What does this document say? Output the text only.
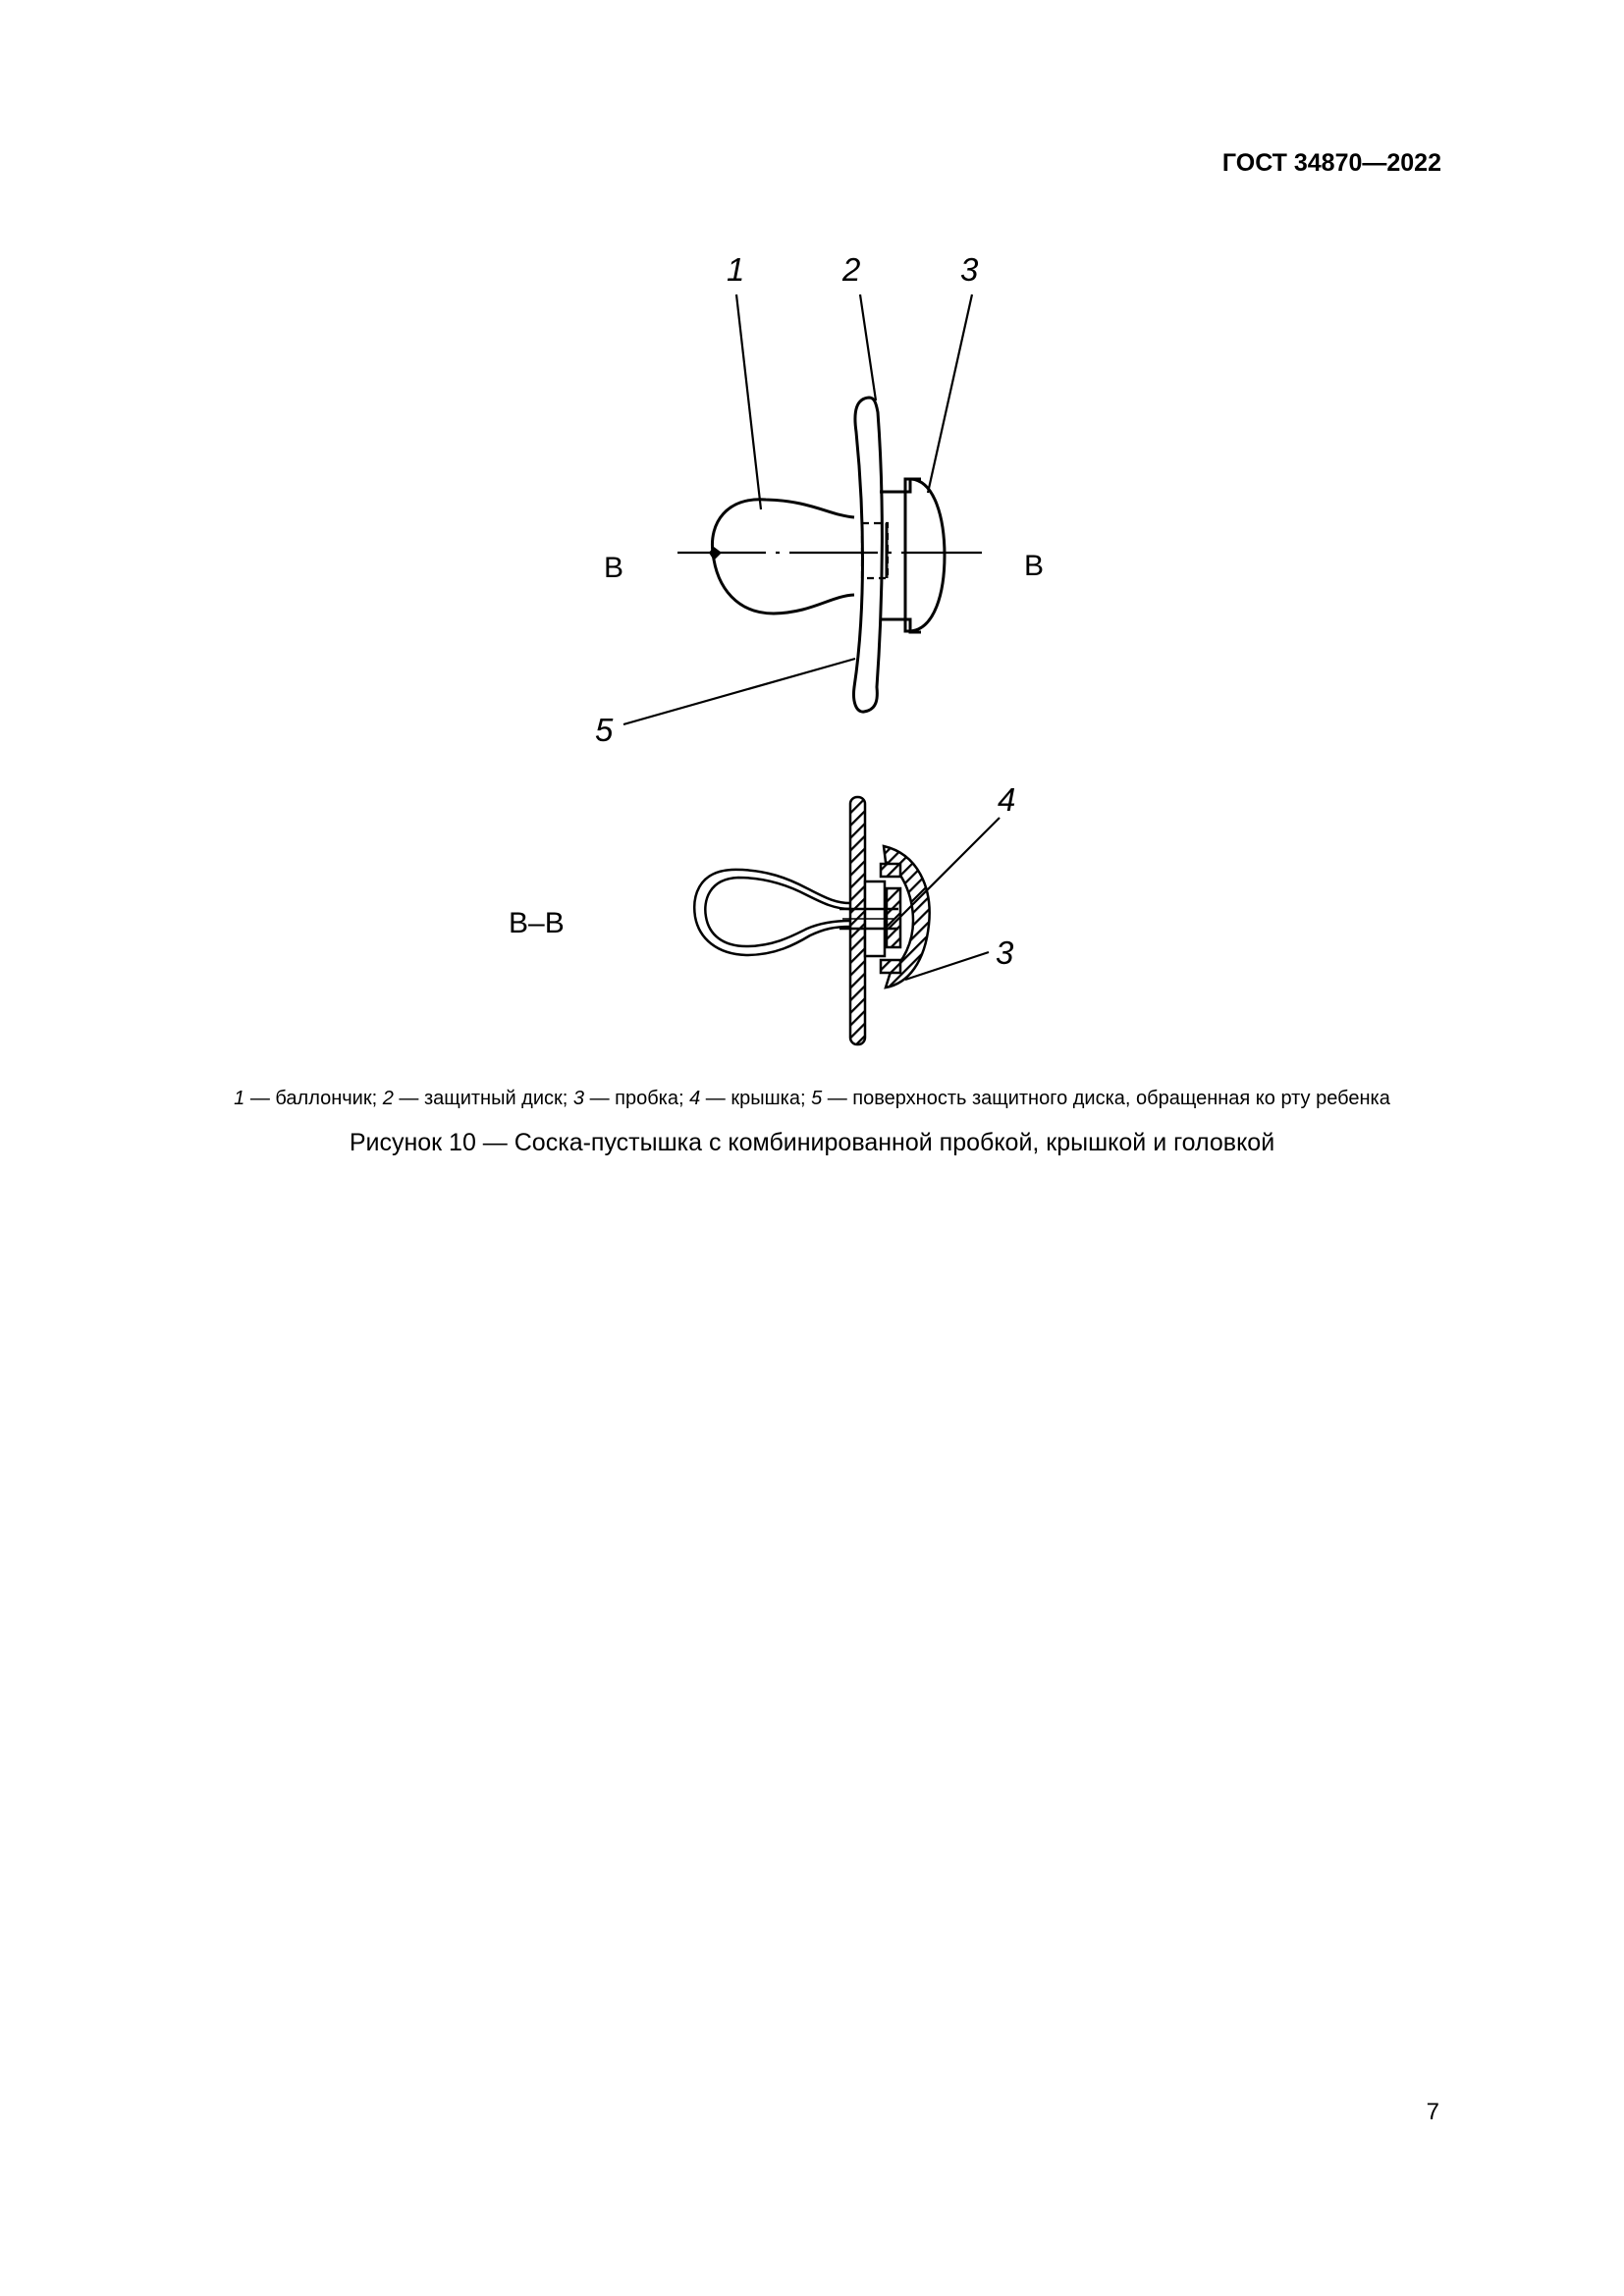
ГОСТ 34870—2022
1	2	3
5
В	В
4
3
В–В
1 — баллончик; 2 — защитный диск; 3 — пробка; 4 — крышка; 5 — поверхность защитного диска, обращенная ко рту ребенка
Рисунок 10 — Соска-пустышка с комбинированной пробкой, крышкой и головкой
7
